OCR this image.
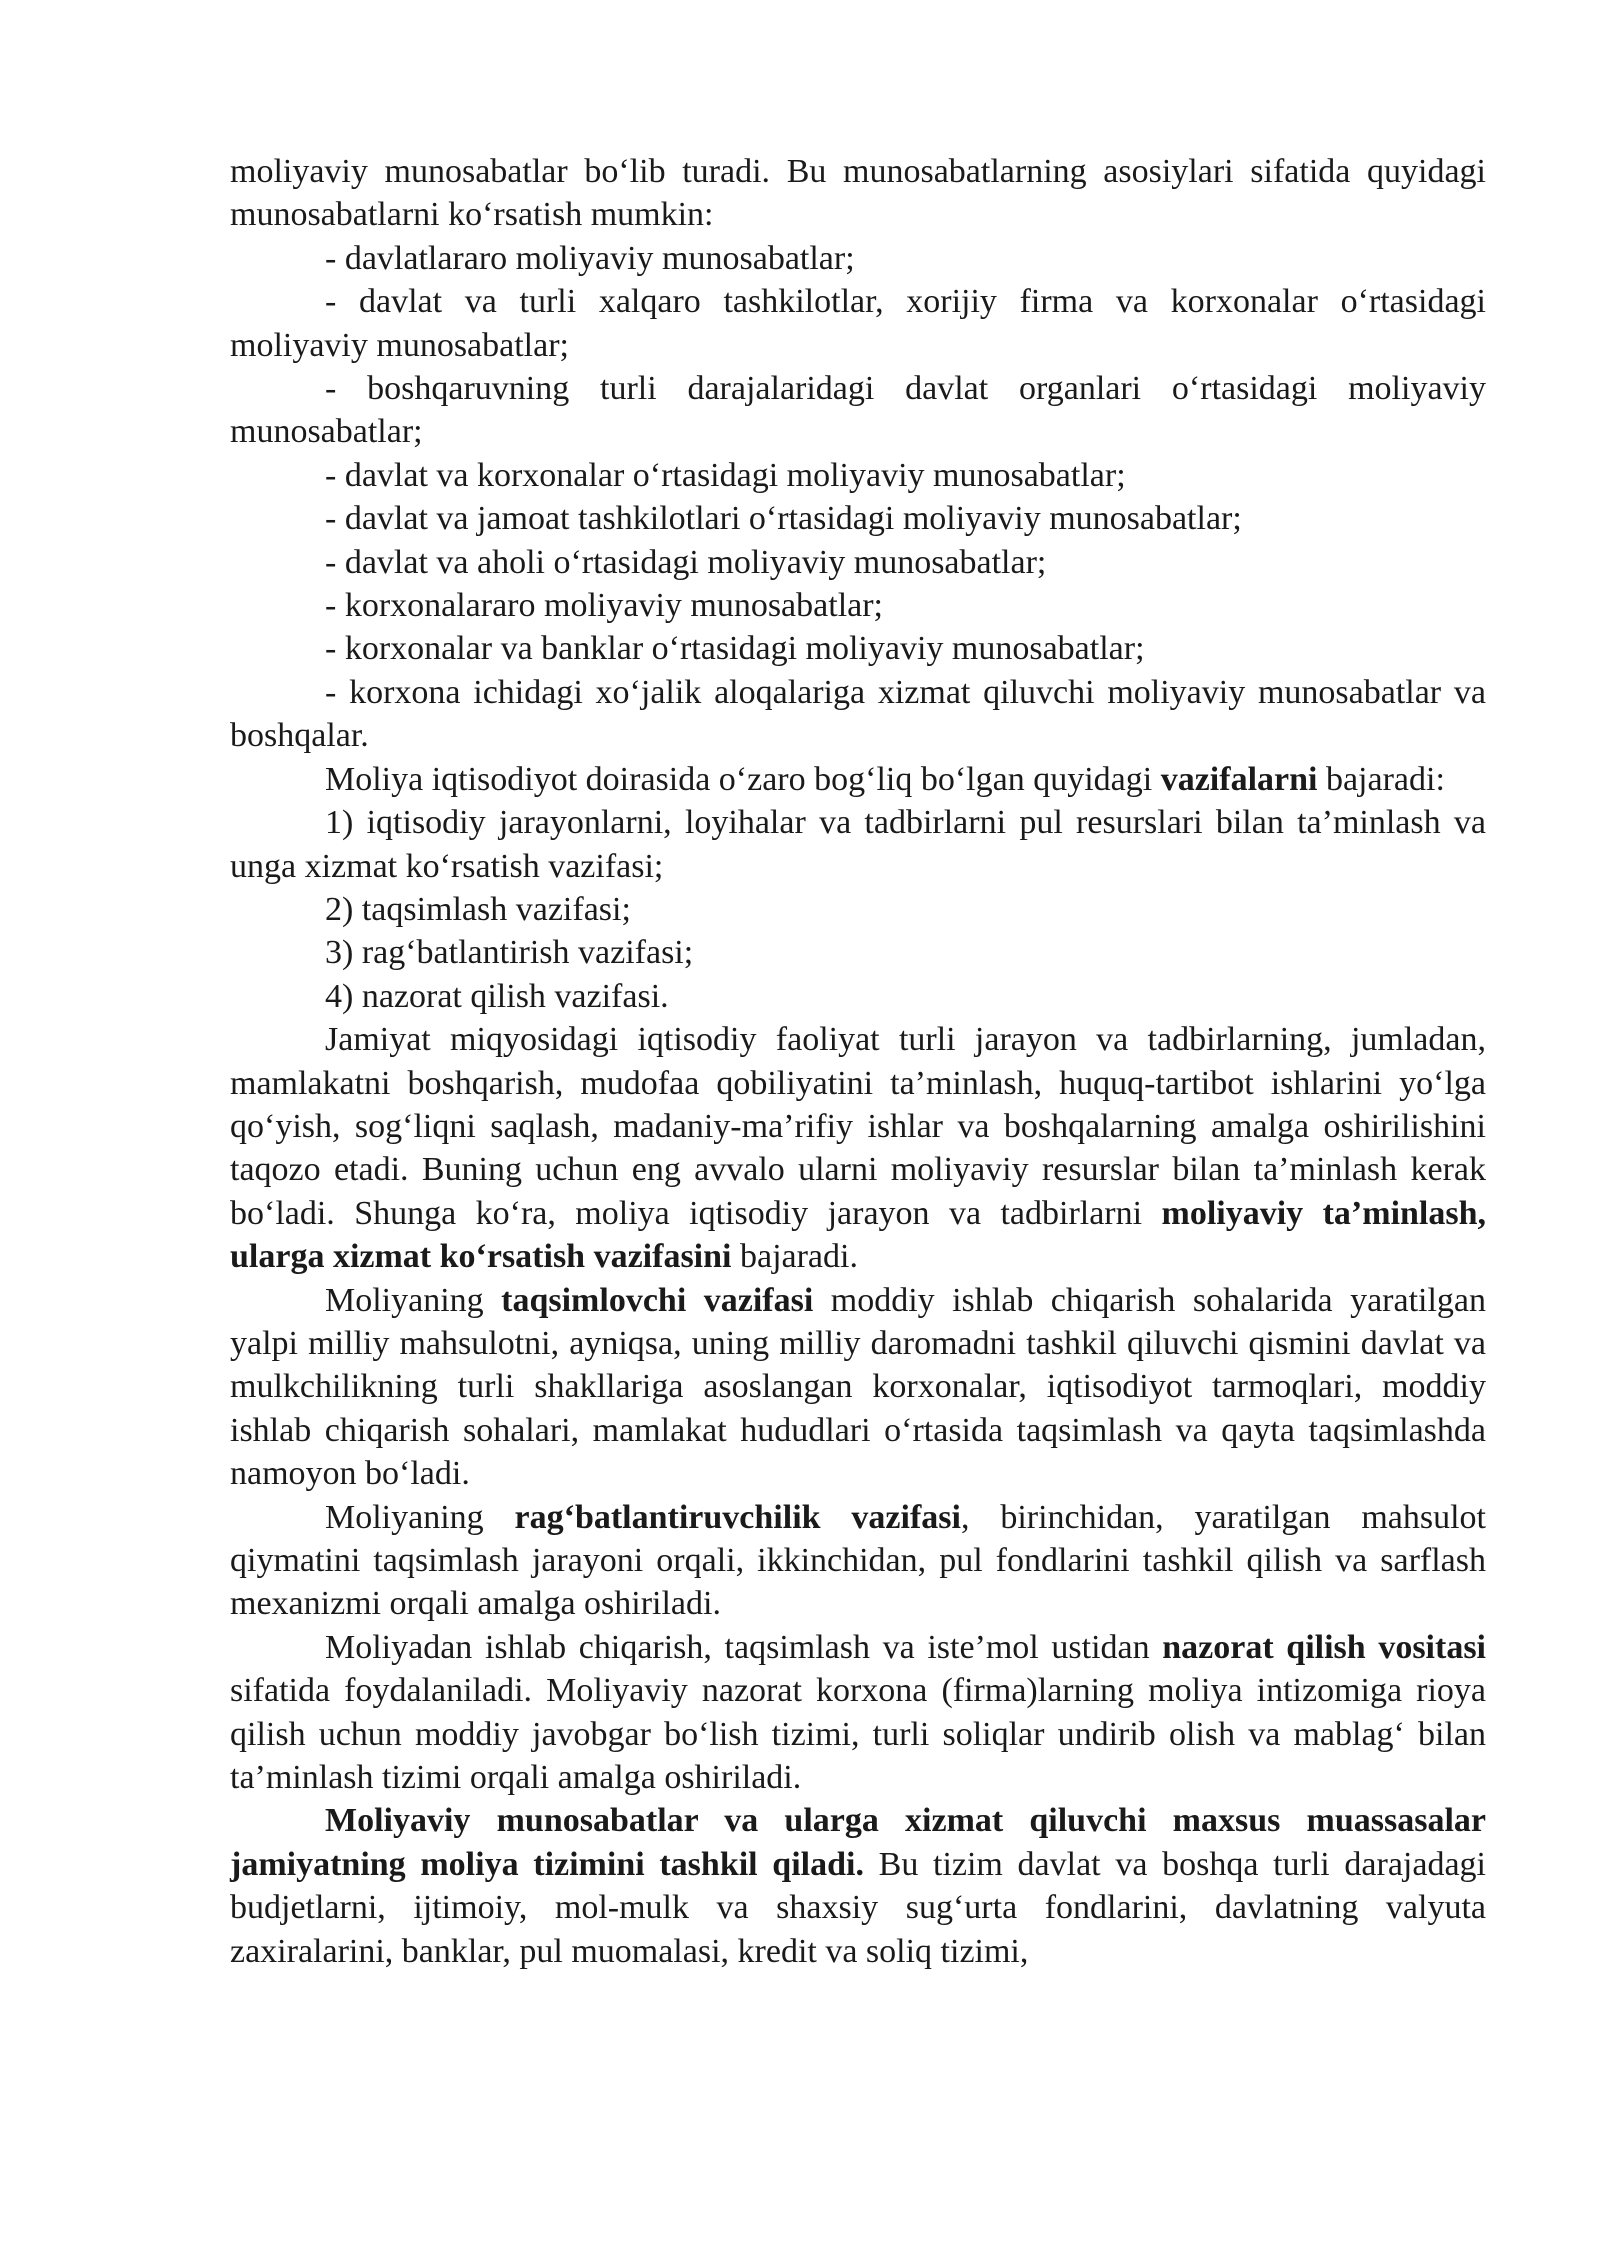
moliyaviy munosabatlar bo‘lib turadi. Bu munosabatlarning asosiylari sifatida quyidagi munosabatlarni ko‘rsatish mumkin:

- davlatlararo moliyaviy munosabatlar;

- davlat va turli xalqaro tashkilotlar, xorijiy firma va korxonalar o‘rtasidagi moliyaviy munosabatlar;

- boshqaruvning turli darajalaridagi davlat organlari o‘rtasidagi moliyaviy munosabatlar;

- davlat va korxonalar o‘rtasidagi moliyaviy munosabatlar;

- davlat va jamoat tashkilotlari o‘rtasidagi moliyaviy munosabatlar;

- davlat va aholi o‘rtasidagi moliyaviy munosabatlar;

- korxonalararo moliyaviy munosabatlar;

- korxonalar va banklar o‘rtasidagi moliyaviy munosabatlar;

- korxona ichidagi xo‘jalik aloqalariga xizmat qiluvchi moliyaviy munosabatlar va boshqalar.

Moliya iqtisodiyot doirasida o‘zaro bog‘liq bo‘lgan quyidagi vazifalarni bajaradi:

1) iqtisodiy jarayonlarni, loyihalar va tadbirlarni pul resurslari bilan ta’minlash va unga xizmat ko‘rsatish vazifasi;

2) taqsimlash vazifasi;

3) rag‘batlantirish vazifasi;

4) nazorat qilish vazifasi.

Jamiyat miqyosidagi iqtisodiy faoliyat turli jarayon va tadbirlarning, jumladan, mamlakatni boshqarish, mudofaa qobiliyatini ta’minlash, huquq-tartibot ishlarini yo‘lga qo‘yish, sog‘liqni saqlash, madaniy-ma’rifiy ishlar va boshqalarning amalga oshirilishini taqozo etadi. Buning uchun eng avvalo ularni moliyaviy resurslar bilan ta’minlash kerak bo‘ladi. Shunga ko‘ra, moliya iqtisodiy jarayon va tadbirlarni moliyaviy ta’minlash, ularga xizmat ko‘rsatish vazifasini bajaradi.

Moliyaning taqsimlovchi vazifasi moddiy ishlab chiqarish sohalarida yaratilgan yalpi milliy mahsulotni, ayniqsa, uning milliy daromadni tashkil qiluvchi qismini davlat va mulkchilikning turli shakllariga asoslangan korxonalar, iqtisodiyot tarmoqlari, moddiy ishlab chiqarish sohalari, mamlakat hududlari o‘rtasida taqsimlash va qayta taqsimlashda namoyon bo‘ladi.

Moliyaning rag‘batlantiruvchilik vazifasi, birinchidan, yaratilgan mahsulot qiymatini taqsimlash jarayoni orqali, ikkinchidan, pul fondlarini tashkil qilish va sarflash mexanizmi orqali amalga oshiriladi.

Moliyadan ishlab chiqarish, taqsimlash va iste’mol ustidan nazorat qilish vositasi sifatida foydalaniladi. Moliyaviy nazorat korxona (firma)larning moliya intizomiga rioya qilish uchun moddiy javobgar bo‘lish tizimi, turli soliqlar undirib olish va mablag‘ bilan ta’minlash tizimi orqali amalga oshiriladi.

Moliyaviy munosabatlar va ularga xizmat qiluvchi maxsus muassasalar jamiyatning moliya tizimini tashkil qiladi. Bu tizim davlat va boshqa turli darajadagi budjetlarni, ijtimoiy, mol-mulk va shaxsiy sug‘urta fondlarini, davlatning valyuta zaxiralarini, banklar, pul muomalasi, kredit va soliq tizimi,
